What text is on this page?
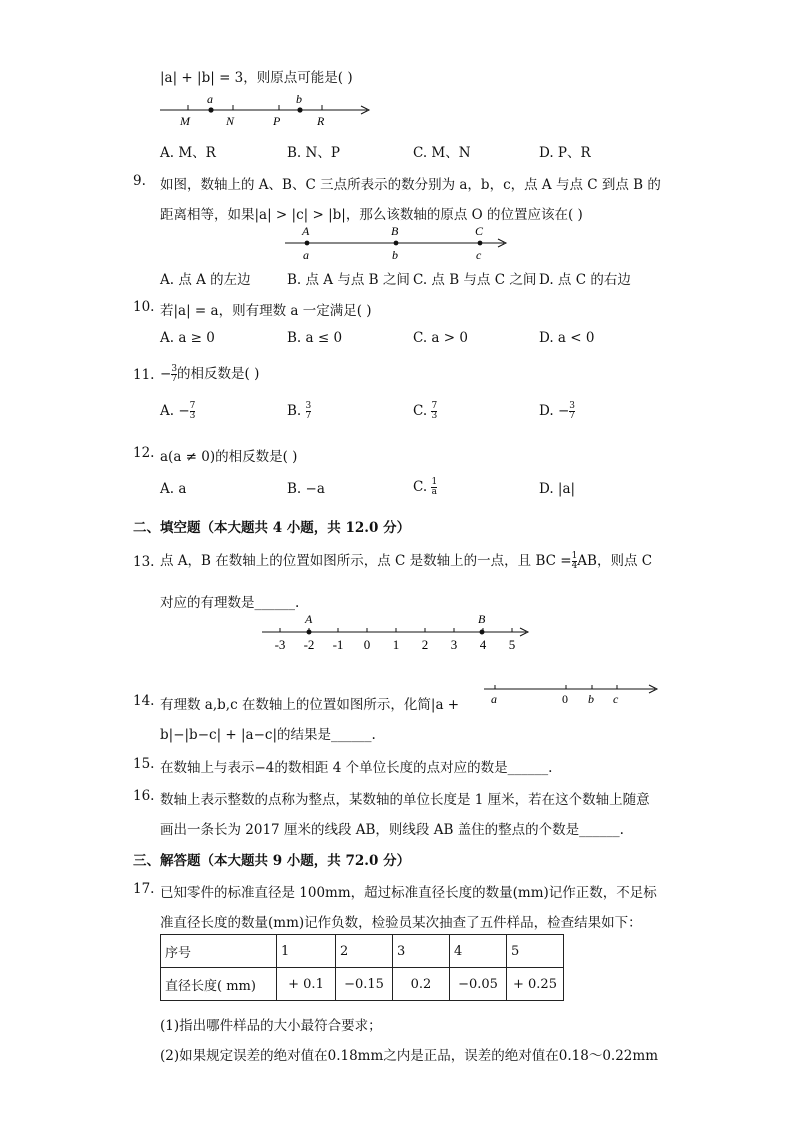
|a| + |b| = 3，则原点可能是( )
a	b
M	N	P	R
A. M、R	B. N、P	C. M、N	D. P、R
9. 如图，数轴上的 A、B、C 三点所表示的数分别为 a，b，c，点 A 与点 C 到点 B 的
距离相等，如果|a| > |c| > |b|，那么该数轴的原点 O 的位置应该在( )
A	B	C
a	b	c
A. 点 A 的左边	B. 点 A 与点 B 之间 C. 点 B 与点 C 之间 D. 点 C 的右边
10. 若|a| = a，则有理数 a 一定满足( )
A. a ≥ 0	B. a ≤ 0	C. a > 0	D. a < 0
11. − $\frac{3}{7}$ 的相反数是( )
A. − $\frac{7}{3}$	B. $\frac{3}{7}$	C. $\frac{7}{3}$	D. − $\frac{3}{7}$
12. a(a ≠ 0)的相反数是( )
A. a	B. −a	C. $\frac{1}{a}$	D. |a|
二、填空题（本大题共 4 小题，共 12.0 分）
13. 点 A，B 在数轴上的位置如图所示，点 C 是数轴上的一点，且 BC = $\frac{1}{4}$ AB，则点 C
对应的有理数是______.
-3 -2 -1 0 1 2 3 4 5
A	B
14. 有理数 a,b,c 在数轴上的位置如图所示，化简|a +
b|−|b−c| + |a−c|的结果是______.
a	0 b c
15. 在数轴上与表示−4的数相距 4 个单位长度的点对应的数是______.
16. 数轴上表示整数的点称为整点，某数轴的单位长度是 1 厘米，若在这个数轴上随意
画出一条长为 2017 厘米的线段 AB，则线段 AB 盖住的整点的个数是______.
三、解答题（本大题共 9 小题，共 72.0 分）
17. 已知零件的标准直径是 100mm，超过标准直径长度的数量(mm)记作正数，不足标
准直径长度的数量(mm)记作负数，检验员某次抽查了五件样品，检查结果如下：
序号	1	2	3	4	5
直径长度( mm)	+ 0.1	−0.15	0.2	−0.05	+ 0.25
(1)指出哪件样品的大小最符合要求；
(2)如果规定误差的绝对值在0.18mm之内是正品，误差的绝对值在0.18～0.22mm
